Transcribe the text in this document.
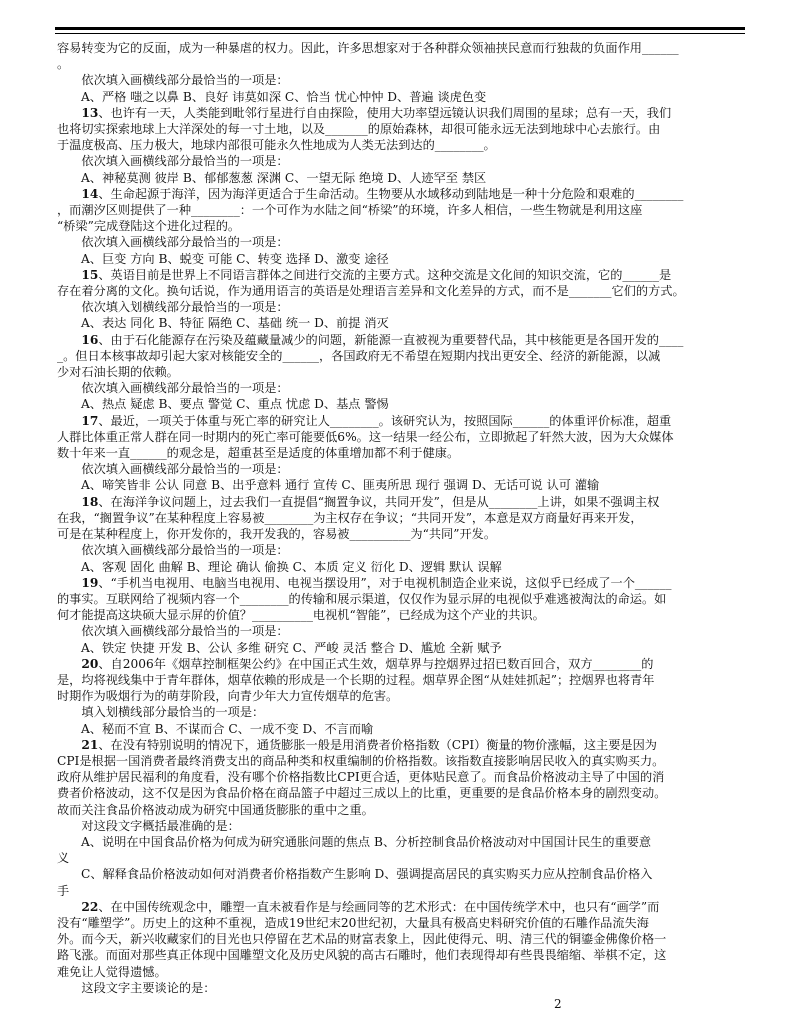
容易转变为它的反面，成为一种暴虐的权力。因此，许多思想家对于各种群众领袖挟民意而行独裁的负面作用______

。

依次填入画横线部分最恰当的一项是：

A、严格 嗤之以鼻 B、良好 讳莫如深 C、恰当 忧心忡忡 D、普遍 谈虎色变

13、也许有一天，人类能到毗邻行星进行自由探险，使用大功率望远镜认识我们周围的星球；总有一天，我们

也将切实探索地球上大洋深处的每一寸土地，以及_______的原始森林，却很可能永远无法到地球中心去旅行。由

于温度极高、压力极大，地球内部很可能永久性地成为人类无法到达的________。

依次填入画横线部分最恰当的一项是：

A、神秘莫测 彼岸 B、郁郁葱葱 深渊 C、一望无际 绝境 D、人迹罕至 禁区

14、生命起源于海洋，因为海洋更适合于生命活动。生物要从水域移动到陆地是一种十分危险和艰难的________

，而潮汐区则提供了一种________：一个可作为水陆之间“桥梁”的环境，许多人相信，一些生物就是利用这座

“桥梁”完成登陆这个进化过程的。

依次填入画横线部分最恰当的一项是：

A、巨变 方向 B、蜕变 可能 C、转变 选择 D、激变 途径

15、英语目前是世界上不同语言群体之间进行交流的主要方式。这种交流是文化间的知识交流，它的______是

存在着分离的文化。换句话说，作为通用语言的英语是处理语言差异和文化差异的方式，而不是_______它们的方式。

依次填入划横线部分最恰当的一项是：

A、表达 同化 B、特征 隔绝 C、基础 统一 D、前提 消灭

16、由于石化能源存在污染及蕴藏量减少的问题，新能源一直被视为重要替代品，其中核能更是各国开发的____

_。但日本核事故却引起大家对核能安全的______，各国政府无不希望在短期内找出更安全、经济的新能源，以减

少对石油长期的依赖。

依次填入画横线部分最恰当的一项是：

A、热点 疑虑 B、要点 警觉 C、重点 忧虑 D、基点 警惕

17、最近，一项关于体重与死亡率的研究让人________。该研究认为，按照国际______的体重评价标准，超重

人群比体重正常人群在同一时期内的死亡率可能要低6%。这一结果一经公布，立即掀起了轩然大波，因为大众媒体

数十年来一直______的观念是，超重甚至是适度的体重增加都不利于健康。

依次填入画横线部分最恰当的一项是：

A、啼笑皆非 公认 同意 B、出乎意料 通行 宣传 C、匪夷所思 现行 强调 D、无话可说 认可 灌输

18、在海洋争议问题上，过去我们一直提倡“搁置争议，共同开发”，但是从________上讲，如果不强调主权

在我，“搁置争议”在某种程度上容易被________为主权存在争议；“共同开发”，本意是双方商量好再来开发，

可是在某种程度上，你开发你的，我开发我的，容易被__________为“共同”开发。

依次填入画横线部分最恰当的一项是：

A、客观 固化 曲解 B、理论 确认 偷换 C、本质 定义 衍化 D、逻辑 默认 误解

19、“手机当电视用、电脑当电视用、电视当摆设用”，对于电视机制造企业来说，这似乎已经成了一个______

的事实。互联网给了视频内容一个________的传输和展示渠道，仅仅作为显示屏的电视似乎难逃被淘汰的命运。如

何才能提高这块硕大显示屏的价值？__________电视机“智能”，已经成为这个产业的共识。

依次填入画横线部分最恰当的一项是：

A、铁定 快捷 开发 B、公认 多维 研究 C、严峻 灵活 整合 D、尴尬 全新 赋予

20、自2006年《烟草控制框架公约》在中国正式生效，烟草界与控烟界过招已数百回合，双方________的

是，均将视线集中于青年群体，烟草依赖的形成是一个长期的过程。烟草界企图“从娃娃抓起”；控烟界也将青年

时期作为吸烟行为的萌芽阶段，向青少年大力宣传烟草的危害。

填入划横线部分最恰当的一项是：

A、秘而不宣 B、不谋而合 C、一成不变 D、不言而喻

21、在没有特别说明的情况下，通货膨胀一般是用消费者价格指数（CPI）衡量的物价涨幅，这主要是因为

CPI是根据一国消费者最终消费支出的商品种类和权重编制的价格指数。该指数直接影响居民收入的真实购买力。

政府从维护居民福利的角度看，没有哪个价格指数比CPI更合适，更体贴民意了。而食品价格波动主导了中国的消

费者价格波动，这不仅是因为食品价格在商品篮子中超过三成以上的比重，更重要的是食品价格本身的剧烈变动。

故而关注食品价格波动成为研究中国通货膨胀的重中之重。

对这段文字概括最准确的是：

A、说明在中国食品价格为何成为研究通胀问题的焦点 B、分析控制食品价格波动对中国国计民生的重要意

义

C、解释食品价格波动如何对消费者价格指数产生影响 D、强调提高居民的真实购买力应从控制食品价格入

手

22、在中国传统观念中，雕塑一直未被看作是与绘画同等的艺术形式：在中国传统学术中，也只有“画学”而

没有“雕塑学”。历史上的这种不重视，造成19世纪末20世纪初，大量具有极高史料研究价值的石雕作品流失海

外。而今天，新兴收藏家们的目光也只停留在艺术品的财富表象上，因此使得元、明、清三代的铜鎏金佛像价格一

路飞涨。而面对那些真正体现中国雕塑文化及历史风貌的高古石雕时，他们表现得却有些畏畏缩缩、举棋不定，这

难免让人觉得遗憾。

这段文字主要谈论的是：

2
